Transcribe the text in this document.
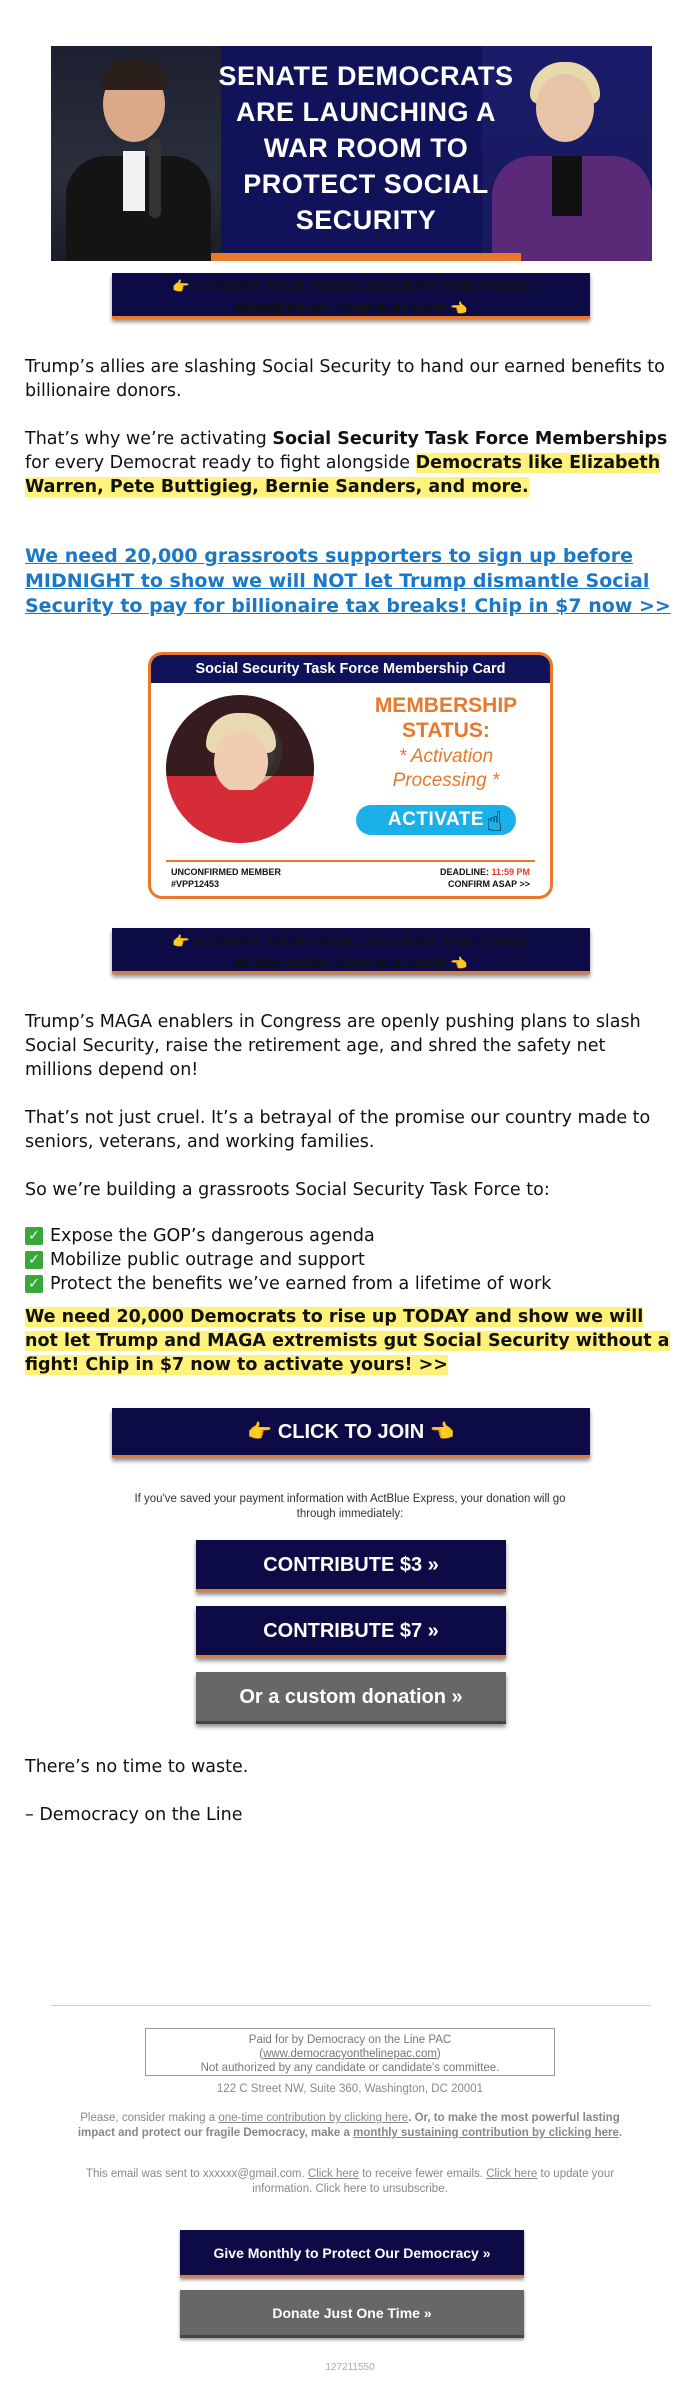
SENATE DEMOCRATS
ARE LAUNCHING A
WAR ROOM TO
PROTECT SOCIAL
SECURITY
👉 ACTIVATE YOUR SOCIAL SECURITY TASK FORCE
MEMBERSHIP: CHIP IN $7 NOW 👈
Trump’s allies are slashing Social Security to hand our earned benefits to billionaire donors.
That’s why we’re activating Social Security Task Force Memberships for every Democrat ready to fight alongside Democrats like Elizabeth Warren, Pete Buttigieg, Bernie Sanders, and more.
We need 20,000 grassroots supporters to sign up before MIDNIGHT to show we will NOT let Trump dismantle Social Security to pay for billionaire tax breaks! Chip in $7 now >>
Social Security Task Force Membership Card
MEMBERSHIP
STATUS:
* Activation
Processing *
ACTIVATE ☝
UNCONFIRMED MEMBER
#VPP12453
DEADLINE: 11:59 PM
CONFIRM ASAP >>
👉 ACTIVATE YOUR SOCIAL SECURITY TASK FORCE
MEMBERSHIP: CHIP IN $7 NOW 👈
Trump’s MAGA enablers in Congress are openly pushing plans to slash Social Security, raise the retirement age, and shred the safety net millions depend on!
That’s not just cruel. It’s a betrayal of the promise our country made to seniors, veterans, and working families.
So we’re building a grassroots Social Security Task Force to:
✓ Expose the GOP’s dangerous agenda
✓ Mobilize public outrage and support
✓ Protect the benefits we’ve earned from a lifetime of work
We need 20,000 Democrats to rise up TODAY and show we will not let Trump and MAGA extremists gut Social Security without a fight! Chip in $7 now to activate yours! >>
👉 CLICK TO JOIN 👈
If you've saved your payment information with ActBlue Express, your donation will go through immediately:
CONTRIBUTE $3 »
CONTRIBUTE $7 »
Or a custom donation »
There’s no time to waste.
– Democracy on the Line
Paid for by Democracy on the Line PAC
(www.democracyonthelinepac.com)
Not authorized by any candidate or candidate's committee.
122 C Street NW, Suite 360, Washington, DC 20001
Please, consider making a one-time contribution by clicking here. Or, to make the most powerful lasting impact and protect our fragile Democracy, make a monthly sustaining contribution by clicking here.
This email was sent to xxxxxx@gmail.com. Click here to receive fewer emails. Click here to update your information. Click here to unsubscribe.
Give Monthly to Protect Our Democracy »
Donate Just One Time »
127211550
